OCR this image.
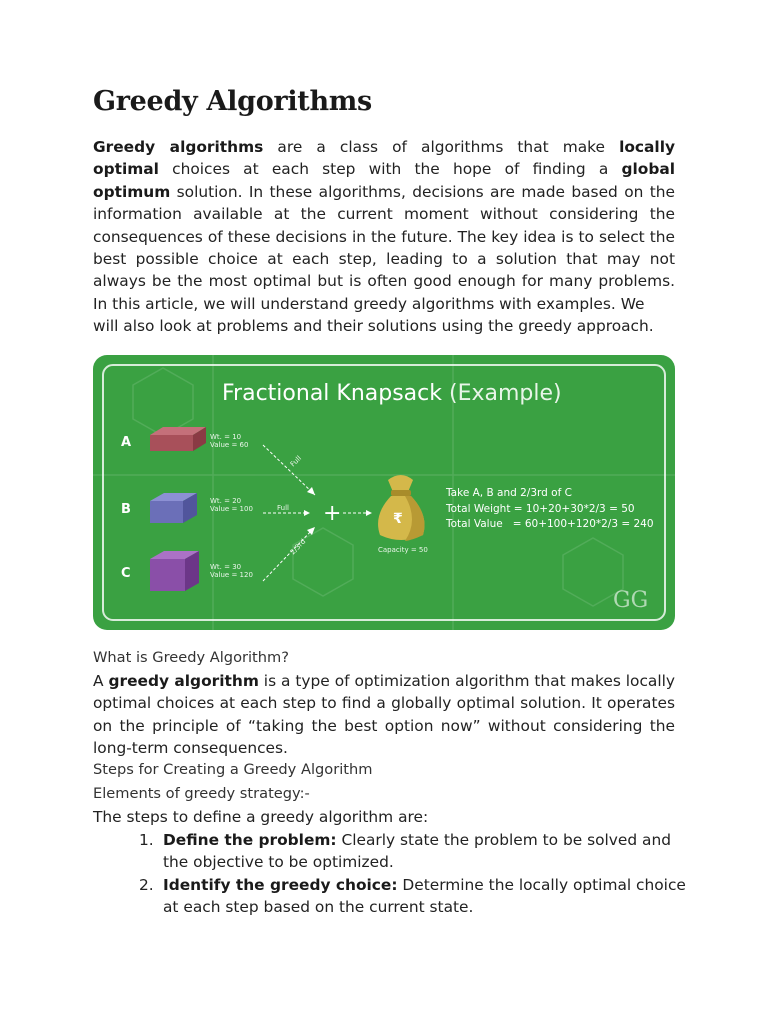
Greedy Algorithms

Greedy algorithms are a class of algorithms that make locally
optimal choices at each step with the hope of finding a global
optimum solution. In these algorithms, decisions are made based on the
information available at the current moment without considering the
consequences of these decisions in the future. The key idea is to select the
best possible choice at each step, leading to a solution that may not
always be the most optimal but is often good enough for many problems.
In this article, we will understand greedy algorithms with examples. We
will also look at problems and their solutions using the greedy approach.

Fractional Knapsack (Example)
A	Wt. = 10
Value = 60
B
Wt. = 20
Value = 100
C	Wt. = 30
Value = 120
Full
Full
2/3rd
+	₹
Capacity = 50
Take A, B and 2/3rd of C
Total Weight = 10+20+30*2/3 = 50
Total Value   = 60+100+120*2/3 = 240
GG

What is Greedy Algorithm?

A greedy algorithm is a type of optimization algorithm that makes locally
optimal choices at each step to find a globally optimal solution. It operates
on the principle of “taking the best option now” without considering the
long-term consequences.

Steps for Creating a Greedy Algorithm

Elements of greedy strategy:-

The steps to define a greedy algorithm are:

1. Define the problem: Clearly state the problem to be solved and
the objective to be optimized.
2. Identify the greedy choice: Determine the locally optimal choice
at each step based on the current state.
